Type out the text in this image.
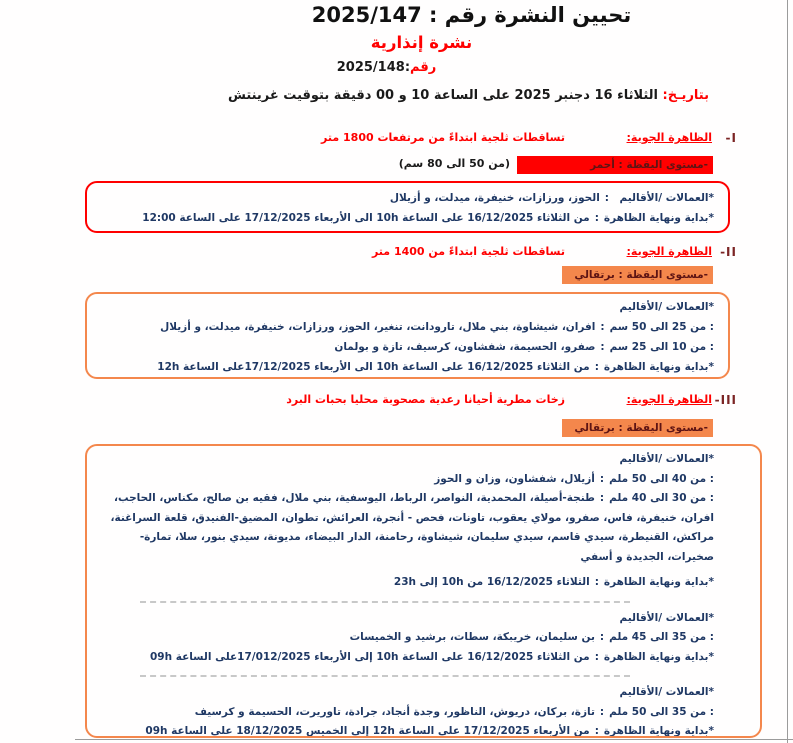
تحيين النشرة رقم : 2025/147
نشرة إنذارية
رقم:2025/148
بتاريـخ: الثلاثاء 16 دجنبر 2025 على الساعة 10 و 00 دقيقة بتوقيت غرينتش
-I
الظاهرة الجوية:
تساقطات ثلجية ابتداءً من مرتفعات 1800 متر
-مستوى اليقظة : أحمر
(من 50 الى 80 سم)
*العمالات /الأقاليم:الحوز، ورزازات، خنيفرة، ميدلت، و أزيلال
*بداية ونهاية الظاهرة:من الثلاثاء 16/12/2025 على الساعة 10h الى الأربعاء 17/12/2025 على الساعة 12:00
-II
الظاهرة الجوية:
تساقطات ثلجية ابتداءً من 1400 متر
-مستوى اليقظة : برتقالي
*العمالات /الأقاليم
: من 25 الى 50 سم:افران، شيشاوة، بني ملال، تارودانت، تنغير، الحوز، ورزازات، خنيفرة، ميدلت، و أزيلال
: من 10 الى 25 سم:صفرو، الحسيمة، شفشاون، كرسيف، تازة و بولمان
*بداية ونهاية الظاهرة:من الثلاثاء 16/12/2025 على الساعة 10h الى الأربعاء 17/12/2025على الساعة 12h
-III
الظاهرة الجوية:
زخات مطرية أحيانا رعدية مصحوبة محليا بحبات البرد
-مستوى اليقظة : برتقالي
*العمالات /الأقاليم
: من 40 الى 50 ملم:أزيلال، شفشاون، وزان و الحوز
: من 30 الى 40 ملم:طنجة-أصيلة، المحمدية، النواصر، الرباط، اليوسفية، بني ملال، فقيه بن صالح، مكناس، الحاجب، افران، خنيفرة، فاس، صفرو، مولاي يعقوب، تاونات، فحص - أنجرة، العرائش، تطوان، المضيق-الفنيدق، قلعة السراغنة، مراكش، القنيطرة، سيدي قاسم، سيدي سليمان، شيشاوة، رحامنة، الدار البيضاء، مديونة، سيدي بنور، سلا، تمارة-صخيرات، الجديدة و أسفي
*بداية ونهاية الظاهرة:الثلاثاء 16/12/2025 من 10h إلى 23h
*العمالات /الأقاليم
: من 35 الى 45 ملم:بن سليمان، خريبكة، سطات، برشيد و الخميسات
*بداية ونهاية الظاهرة:من الثلاثاء 16/12/2025 على الساعة 10h إلى الأربعاء 17/012/2025على الساعة 09h
*العمالات /الأقاليم
: من 35 الى 50 ملم:تازة، بركان، دريوش، الناظور، وجدة أنجاد، جرادة، تاوريرت، الحسيمة و كرسيف
*بداية ونهاية الظاهرة:من الأربعاء 17/12/2025 على الساعة 12h إلى الخميس 18/12/2025 على الساعة 09h
